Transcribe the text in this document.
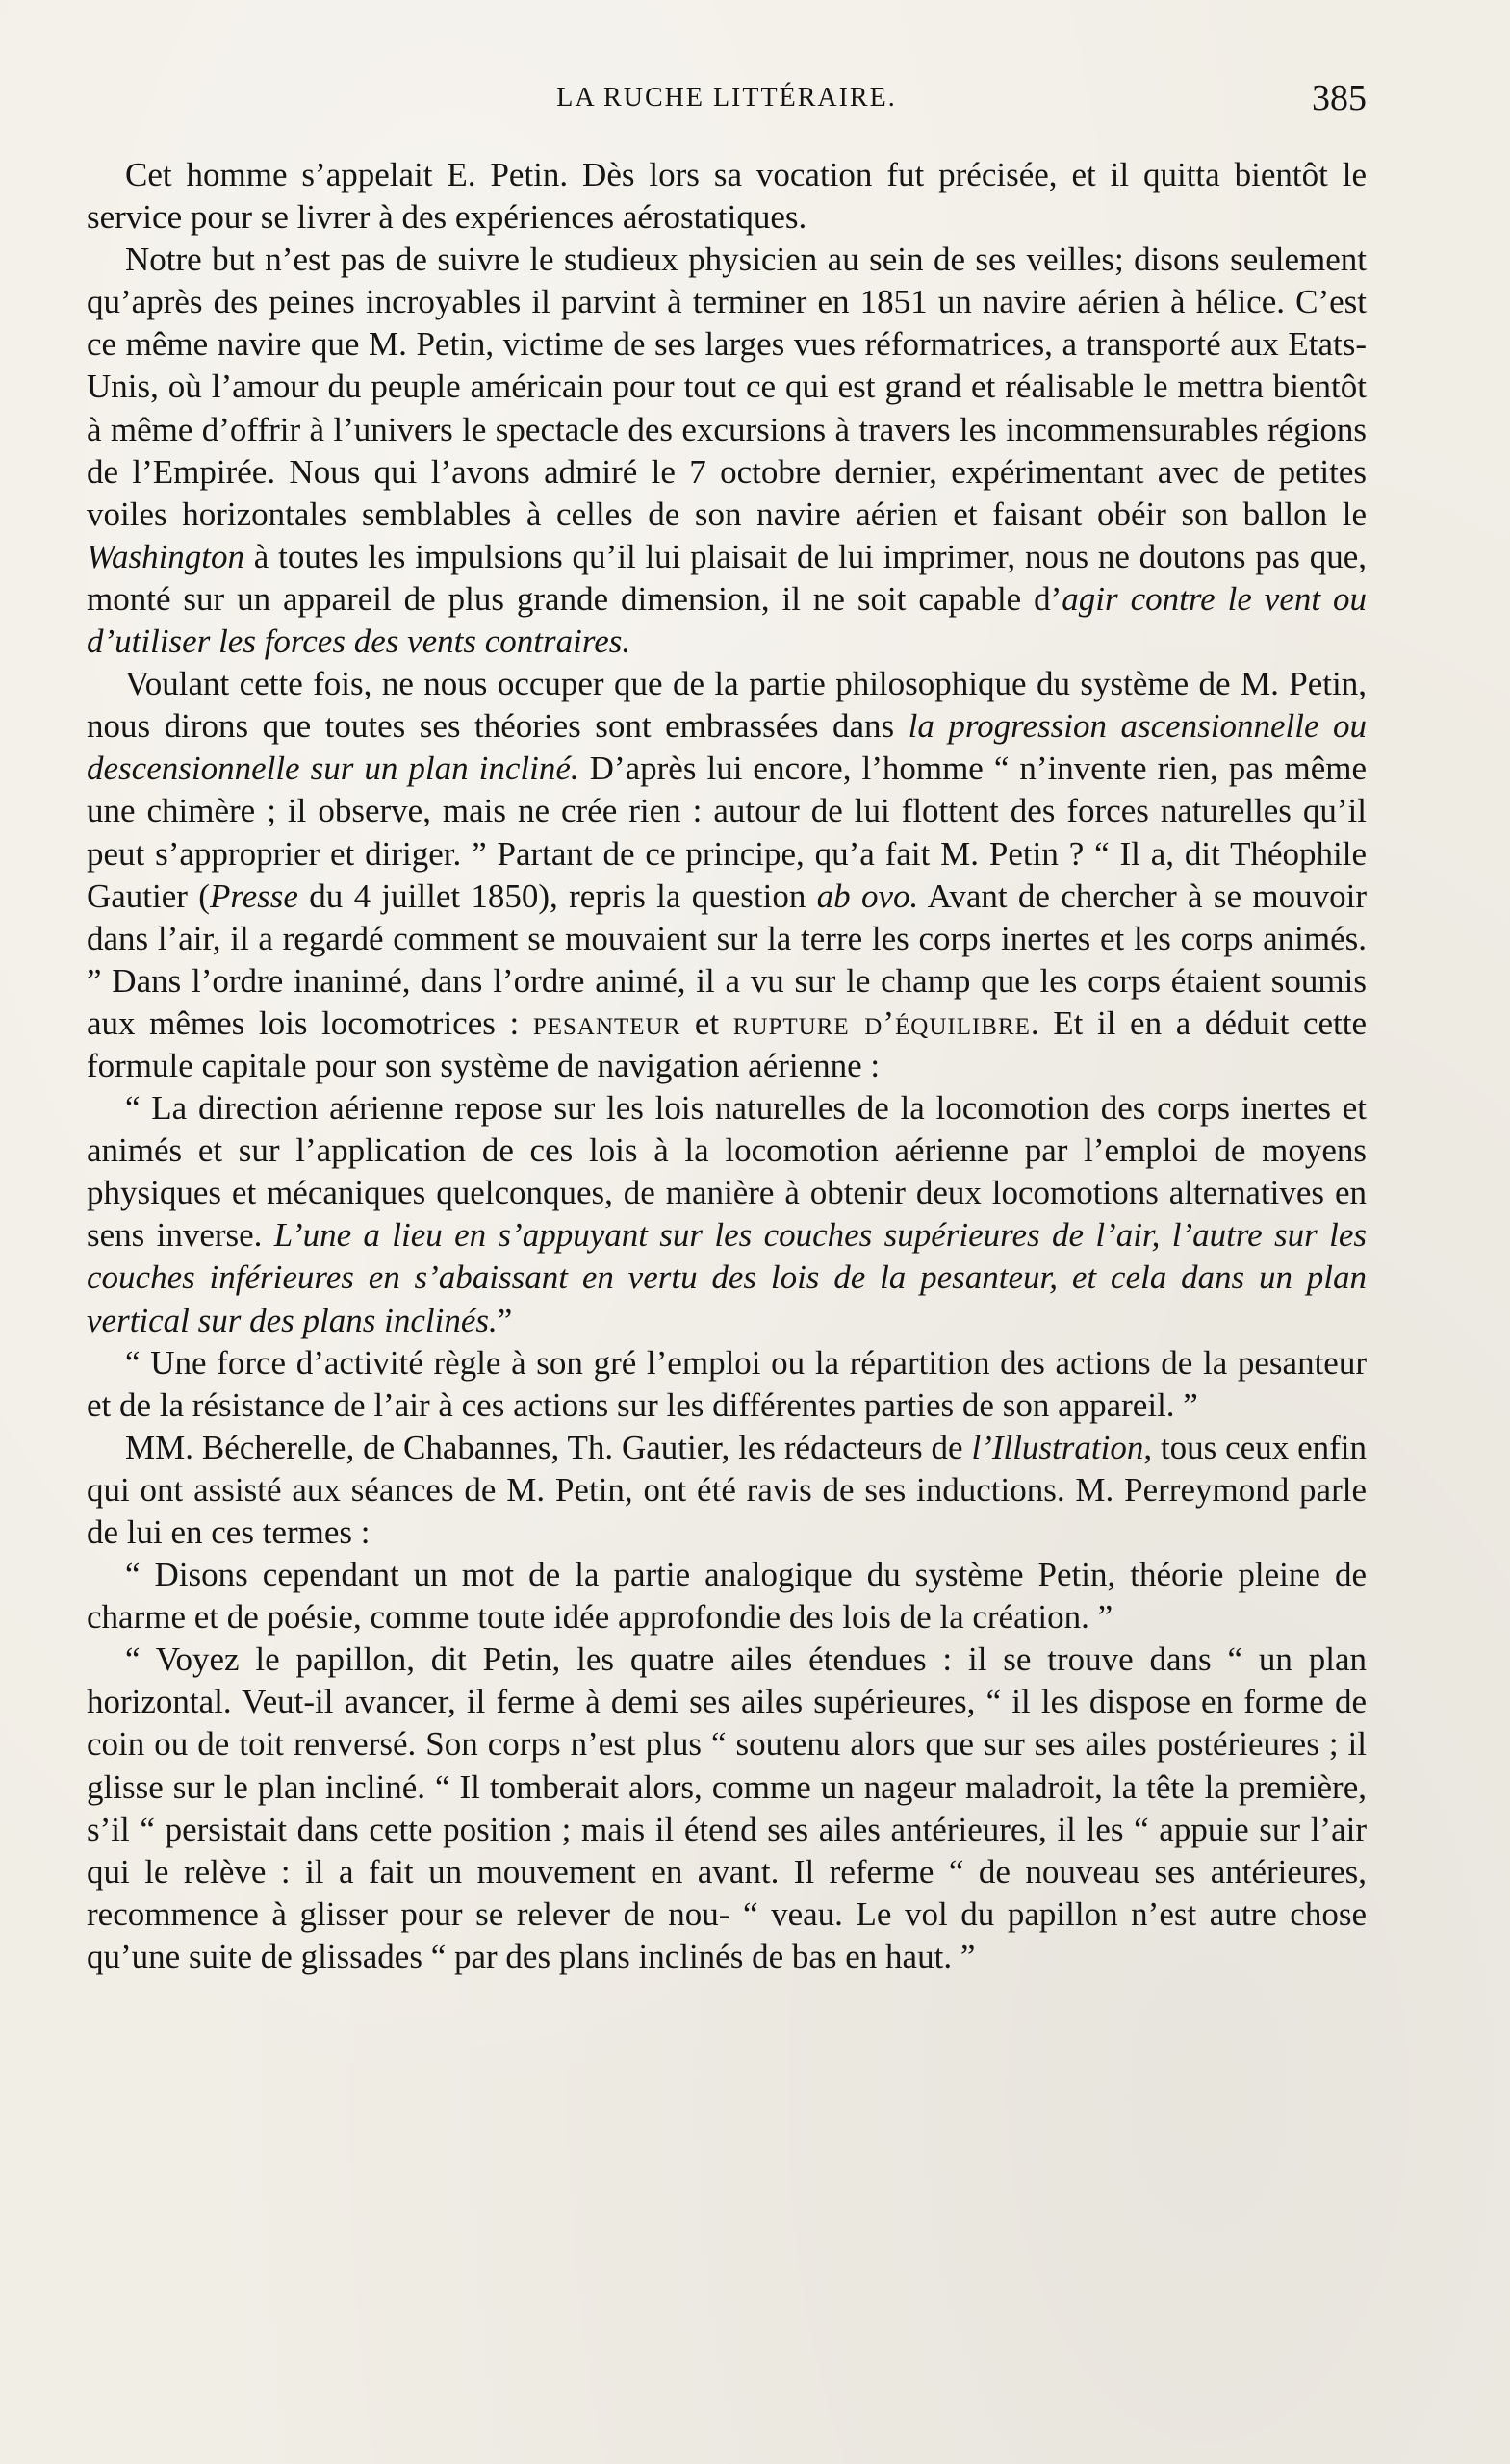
LA RUCHE LITTÉRAIRE.	385

Cet homme s’appelait E. Petin. Dès lors sa vocation fut précisée, et il quitta bientôt le service pour se livrer à des expériences aérostatiques.

Notre but n’est pas de suivre le studieux physicien au sein de ses veilles; disons seulement qu’après des peines incroyables il parvint à terminer en 1851 un navire aérien à hélice. C’est ce même navire que M. Petin, victime de ses larges vues réformatrices, a transporté aux Etats-Unis, où l’amour du peuple américain pour tout ce qui est grand et réalisable le mettra bientôt à même d’offrir à l’univers le spectacle des excursions à travers les incommensurables régions de l’Empirée. Nous qui l’avons admiré le 7 octobre dernier, expérimentant avec de petites voiles horizontales semblables à celles de son navire aérien et faisant obéir son ballon le Washington à toutes les impulsions qu’il lui plaisait de lui imprimer, nous ne doutons pas que, monté sur un appareil de plus grande dimension, il ne soit capable d’agir contre le vent ou d’utiliser les forces des vents contraires.

Voulant cette fois, ne nous occuper que de la partie philosophique du système de M. Petin, nous dirons que toutes ses théories sont embrassées dans la progression ascensionnelle ou descensionnelle sur un plan incliné. D’après lui encore, l’homme “ n’invente rien, pas même une chimère ; il observe, mais ne crée rien : autour de lui flottent des forces naturelles qu’il peut s’approprier et diriger. ” Partant de ce principe, qu’a fait M. Petin ? “ Il a, dit Théophile Gautier (Presse du 4 juillet 1850), repris la question ab ovo. Avant de chercher à se mouvoir dans l’air, il a regardé comment se mouvaient sur la terre les corps inertes et les corps animés. ” Dans l’ordre inanimé, dans l’ordre animé, il a vu sur le champ que les corps étaient soumis aux mêmes lois locomotrices : pesanteur et rupture d’équilibre. Et il en a déduit cette formule capitale pour son système de navigation aérienne :

“ La direction aérienne repose sur les lois naturelles de la locomotion des corps inertes et animés et sur l’application de ces lois à la locomotion aérienne par l’emploi de moyens physiques et mécaniques quelconques, de manière à obtenir deux locomotions alternatives en sens inverse. L’une a lieu en s’appuyant sur les couches supérieures de l’air, l’autre sur les couches inférieures en s’abaissant en vertu des lois de la pesanteur, et cela dans un plan vertical sur des plans inclinés.”

“ Une force d’activité règle à son gré l’emploi ou la répartition des actions de la pesanteur et de la résistance de l’air à ces actions sur les différentes parties de son appareil. ”

MM. Bécherelle, de Chabannes, Th. Gautier, les rédacteurs de l’Illustration, tous ceux enfin qui ont assisté aux séances de M. Petin, ont été ravis de ses inductions. M. Perreymond parle de lui en ces termes :

“ Disons cependant un mot de la partie analogique du système Petin, théorie pleine de charme et de poésie, comme toute idée approfondie des lois de la création. ”

“ Voyez le papillon, dit Petin, les quatre ailes étendues : il se trouve dans “ un plan horizontal. Veut-il avancer, il ferme à demi ses ailes supérieures, “ il les dispose en forme de coin ou de toit renversé. Son corps n’est plus “ soutenu alors que sur ses ailes postérieures ; il glisse sur le plan incliné. “ Il tomberait alors, comme un nageur maladroit, la tête la première, s’il “ persistait dans cette position ; mais il étend ses ailes antérieures, il les “ appuie sur l’air qui le relève : il a fait un mouvement en avant. Il referme “ de nouveau ses antérieures, recommence à glisser pour se relever de nou- “ veau. Le vol du papillon n’est autre chose qu’une suite de glissades “ par des plans inclinés de bas en haut. ”
